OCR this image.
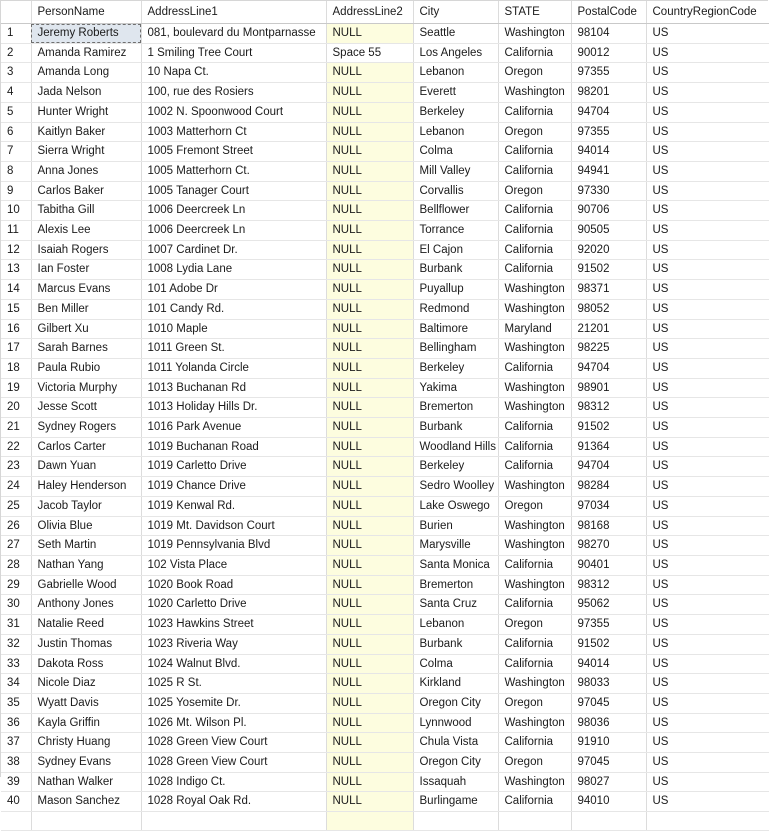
	PersonName	AddressLine1	AddressLine2	City	STATE	PostalCode	CountryRegionCode
1	Jeremy Roberts	081, boulevard du Montparnasse	NULL	Seattle	Washington	98104	US
2	Amanda Ramirez	1 Smiling Tree Court	Space 55	Los Angeles	California	90012	US
3	Amanda Long	10 Napa Ct.	NULL	Lebanon	Oregon	97355	US
4	Jada Nelson	100, rue des Rosiers	NULL	Everett	Washington	98201	US
5	Hunter Wright	1002 N. Spoonwood Court	NULL	Berkeley	California	94704	US
6	Kaitlyn Baker	1003 Matterhorn Ct	NULL	Lebanon	Oregon	97355	US
7	Sierra Wright	1005 Fremont Street	NULL	Colma	California	94014	US
8	Anna Jones	1005 Matterhorn Ct.	NULL	Mill Valley	California	94941	US
9	Carlos Baker	1005 Tanager Court	NULL	Corvallis	Oregon	97330	US
10	Tabitha Gill	1006 Deercreek Ln	NULL	Bellflower	California	90706	US
11	Alexis Lee	1006 Deercreek Ln	NULL	Torrance	California	90505	US
12	Isaiah Rogers	1007 Cardinet Dr.	NULL	El Cajon	California	92020	US
13	Ian Foster	1008 Lydia Lane	NULL	Burbank	California	91502	US
14	Marcus Evans	101 Adobe Dr	NULL	Puyallup	Washington	98371	US
15	Ben Miller	101 Candy Rd.	NULL	Redmond	Washington	98052	US
16	Gilbert Xu	1010 Maple	NULL	Baltimore	Maryland	21201	US
17	Sarah Barnes	1011 Green St.	NULL	Bellingham	Washington	98225	US
18	Paula Rubio	1011 Yolanda Circle	NULL	Berkeley	California	94704	US
19	Victoria Murphy	1013 Buchanan Rd	NULL	Yakima	Washington	98901	US
20	Jesse Scott	1013 Holiday Hills Dr.	NULL	Bremerton	Washington	98312	US
21	Sydney Rogers	1016 Park Avenue	NULL	Burbank	California	91502	US
22	Carlos Carter	1019 Buchanan Road	NULL	Woodland Hills	California	91364	US
23	Dawn Yuan	1019 Carletto Drive	NULL	Berkeley	California	94704	US
24	Haley Henderson	1019 Chance Drive	NULL	Sedro Woolley	Washington	98284	US
25	Jacob Taylor	1019 Kenwal Rd.	NULL	Lake Oswego	Oregon	97034	US
26	Olivia Blue	1019 Mt. Davidson Court	NULL	Burien	Washington	98168	US
27	Seth Martin	1019 Pennsylvania Blvd	NULL	Marysville	Washington	98270	US
28	Nathan Yang	102 Vista Place	NULL	Santa Monica	California	90401	US
29	Gabrielle Wood	1020 Book Road	NULL	Bremerton	Washington	98312	US
30	Anthony Jones	1020 Carletto Drive	NULL	Santa Cruz	California	95062	US
31	Natalie Reed	1023 Hawkins Street	NULL	Lebanon	Oregon	97355	US
32	Justin Thomas	1023 Riveria Way	NULL	Burbank	California	91502	US
33	Dakota Ross	1024 Walnut Blvd.	NULL	Colma	California	94014	US
34	Nicole Diaz	1025 R St.	NULL	Kirkland	Washington	98033	US
35	Wyatt Davis	1025 Yosemite Dr.	NULL	Oregon City	Oregon	97045	US
36	Kayla Griffin	1026 Mt. Wilson Pl.	NULL	Lynnwood	Washington	98036	US
37	Christy Huang	1028 Green View Court	NULL	Chula Vista	California	91910	US
38	Sydney Evans	1028 Green View Court	NULL	Oregon City	Oregon	97045	US
39	Nathan Walker	1028 Indigo Ct.	NULL	Issaquah	Washington	98027	US
40	Mason Sanchez	1028 Royal Oak Rd.	NULL	Burlingame	California	94010	US
